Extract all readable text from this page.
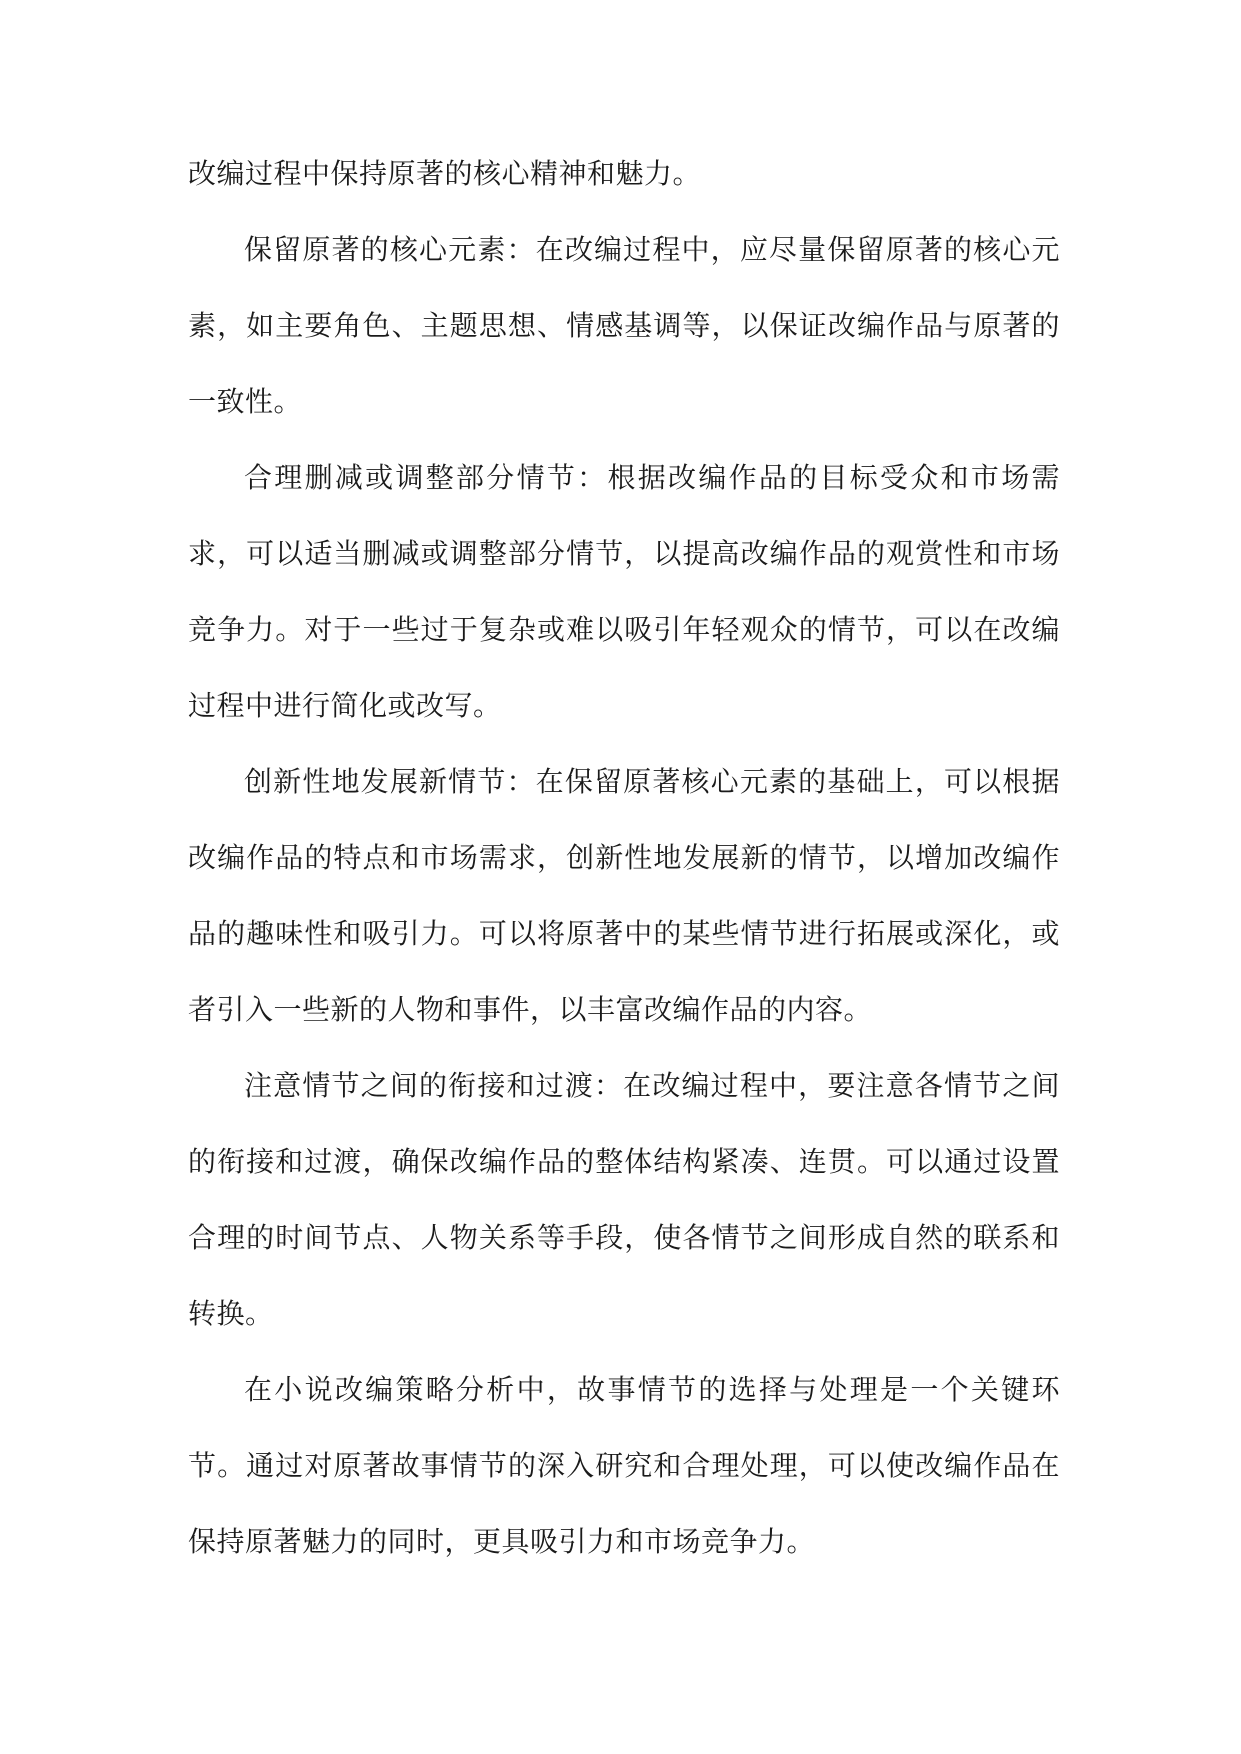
改编过程中保持原著的核心精神和魅力。

保留原著的核心元素：在改编过程中，应尽量保留原著的核心元素，如主要角色、主题思想、情感基调等，以保证改编作品与原著的一致性。

合理删减或调整部分情节：根据改编作品的目标受众和市场需求，可以适当删减或调整部分情节，以提高改编作品的观赏性和市场竞争力。对于一些过于复杂或难以吸引年轻观众的情节，可以在改编过程中进行简化或改写。

创新性地发展新情节：在保留原著核心元素的基础上，可以根据改编作品的特点和市场需求，创新性地发展新的情节，以增加改编作品的趣味性和吸引力。可以将原著中的某些情节进行拓展或深化，或者引入一些新的人物和事件，以丰富改编作品的内容。

注意情节之间的衔接和过渡：在改编过程中，要注意各情节之间的衔接和过渡，确保改编作品的整体结构紧凑、连贯。可以通过设置合理的时间节点、人物关系等手段，使各情节之间形成自然的联系和转换。

在小说改编策略分析中，故事情节的选择与处理是一个关键环节。通过对原著故事情节的深入研究和合理处理，可以使改编作品在保持原著魅力的同时，更具吸引力和市场竞争力。
